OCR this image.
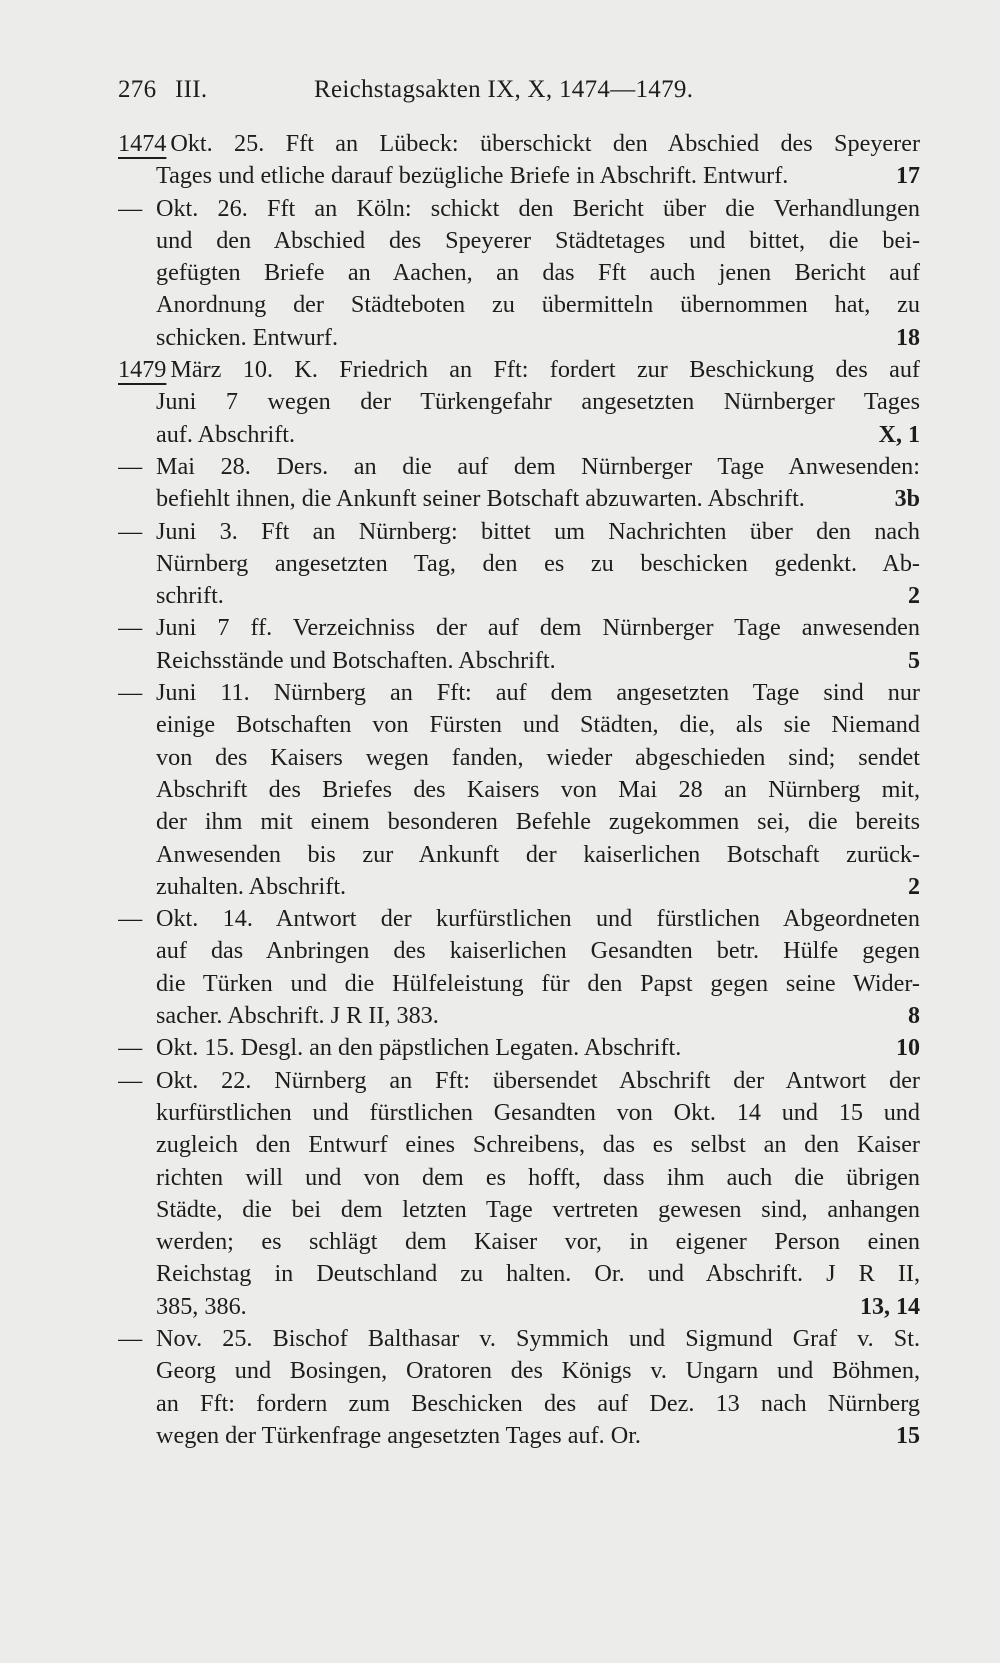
276 III.	Reichstagsakten IX, X, 1474—1479.
1474 Okt. 25. Fft an Lübeck: überschickt den Abschied des Speyerer
Tages und etliche darauf bezügliche Briefe in Abschrift. Entwurf.	17
— Okt. 26. Fft an Köln: schickt den Bericht über die Verhandlungen
und den Abschied des Speyerer Städtetages und bittet, die bei-
gefügten Briefe an Aachen, an das Fft auch jenen Bericht auf
Anordnung der Städteboten zu übermitteln übernommen hat, zu
schicken. Entwurf.	18
1479 März 10. K. Friedrich an Fft: fordert zur Beschickung des auf
Juni 7 wegen der Türkengefahr angesetzten Nürnberger Tages
auf. Abschrift.	X, 1
— Mai 28. Ders. an die auf dem Nürnberger Tage Anwesenden:
befiehlt ihnen, die Ankunft seiner Botschaft abzuwarten. Abschrift.	3b
— Juni 3. Fft an Nürnberg: bittet um Nachrichten über den nach
Nürnberg angesetzten Tag, den es zu beschicken gedenkt. Ab-
schrift.	2
— Juni 7 ff. Verzeichniss der auf dem Nürnberger Tage anwesenden
Reichsstände und Botschaften. Abschrift.	5
— Juni 11. Nürnberg an Fft: auf dem angesetzten Tage sind nur
einige Botschaften von Fürsten und Städten, die, als sie Niemand
von des Kaisers wegen fanden, wieder abgeschieden sind; sendet
Abschrift des Briefes des Kaisers von Mai 28 an Nürnberg mit,
der ihm mit einem besonderen Befehle zugekommen sei, die bereits
Anwesenden bis zur Ankunft der kaiserlichen Botschaft zurück-
zuhalten. Abschrift.	2
— Okt. 14. Antwort der kurfürstlichen und fürstlichen Abgeordneten
auf das Anbringen des kaiserlichen Gesandten betr. Hülfe gegen
die Türken und die Hülfeleistung für den Papst gegen seine Wider-
sacher. Abschrift. J R II, 383.	8
— Okt. 15. Desgl. an den päpstlichen Legaten. Abschrift.	10
— Okt. 22. Nürnberg an Fft: übersendet Abschrift der Antwort der
kurfürstlichen und fürstlichen Gesandten von Okt. 14 und 15 und
zugleich den Entwurf eines Schreibens, das es selbst an den Kaiser
richten will und von dem es hofft, dass ihm auch die übrigen
Städte, die bei dem letzten Tage vertreten gewesen sind, anhangen
werden; es schlägt dem Kaiser vor, in eigener Person einen
Reichstag in Deutschland zu halten. Or. und Abschrift. J R II,
385, 386.	13, 14
— Nov. 25. Bischof Balthasar v. Symmich und Sigmund Graf v. St.
Georg und Bosingen, Oratoren des Königs v. Ungarn und Böhmen,
an Fft: fordern zum Beschicken des auf Dez. 13 nach Nürnberg
wegen der Türkenfrage angesetzten Tages auf. Or.	15
